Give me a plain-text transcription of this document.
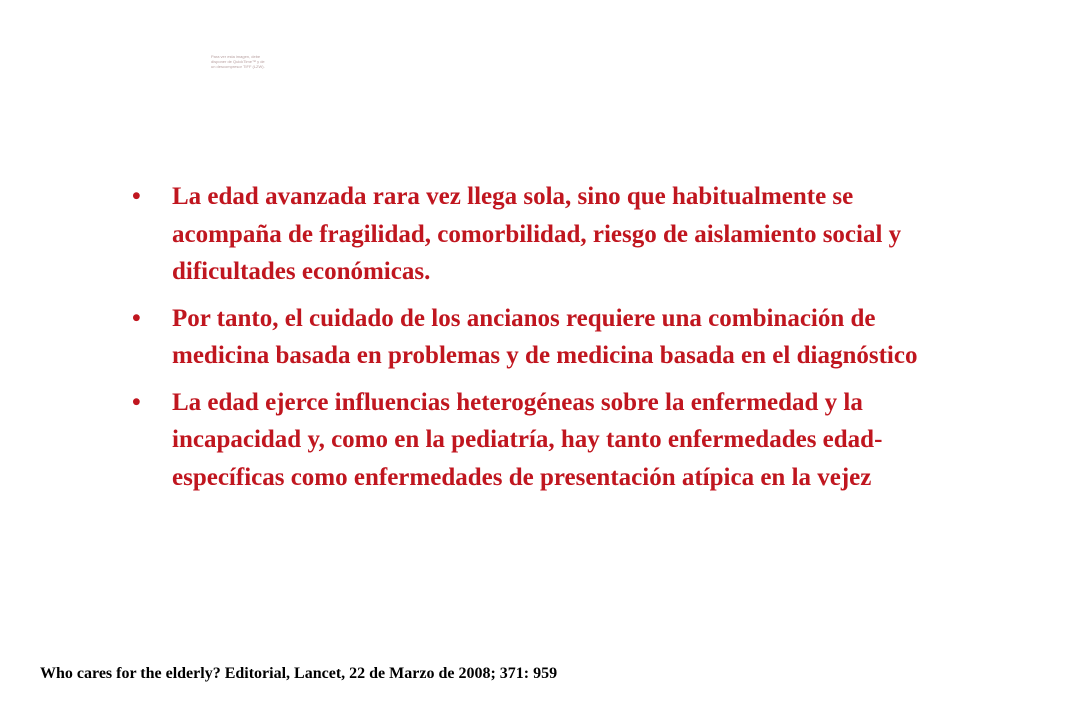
Para ver esta imagen, debe
disponer de QuickTime™ y de
un descompresor TIFF (LZW).
• La edad avanzada rara vez llega sola, sino que habitualmente se acompaña de fragilidad, comorbilidad, riesgo de aislamiento social y dificultades económicas.
• Por tanto, el cuidado de los ancianos requiere una combinación de medicina basada en problemas y de medicina basada en el diagnóstico
• La edad ejerce influencias heterogéneas sobre la enfermedad y la incapacidad y, como en la pediatría, hay tanto enfermedades edad-específicas como enfermedades de presentación atípica en la vejez
Who cares for the elderly? Editorial, Lancet, 22 de Marzo de 2008; 371: 959
